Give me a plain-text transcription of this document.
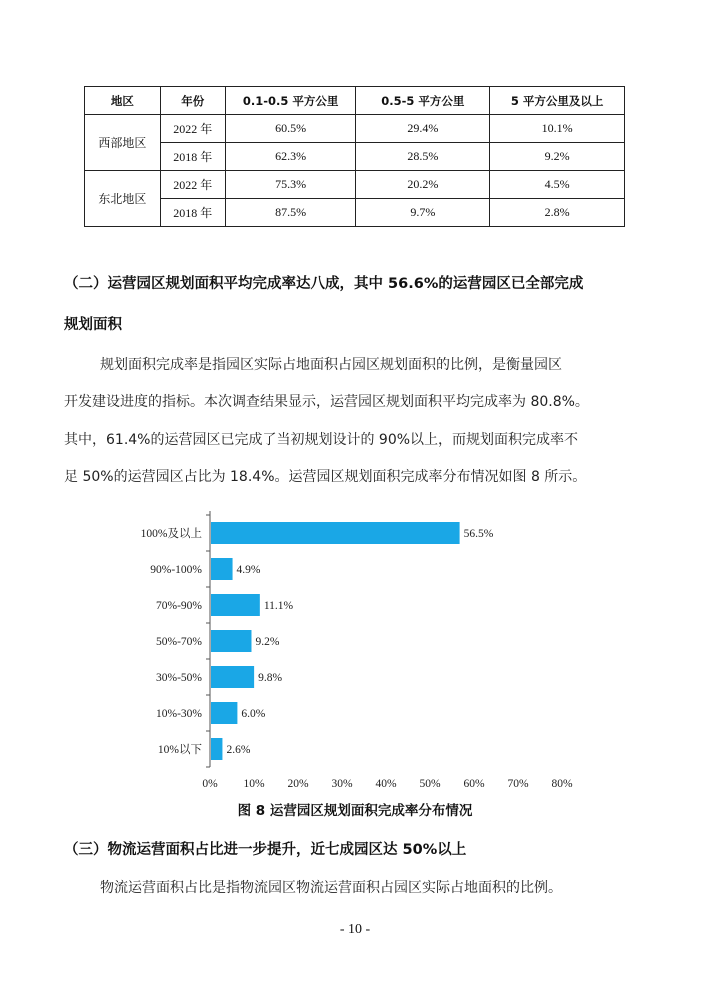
地区	年份	0.1-0.5 平方公里	0.5-5 平方公里	5 平方公里及以上
西部地区	2022 年	60.5%	29.4%	10.1%
	2018 年	62.3%	28.5%	9.2%
东北地区	2022 年	75.3%	20.2%	4.5%
	2018 年	87.5%	9.7%	2.8%
（二）运营园区规划面积平均完成率达八成，其中 56.6%的运营园区已全部完成
规划面积
规划面积完成率是指园区实际占地面积占园区规划面积的比例，是衡量园区
开发建设进度的指标。本次调查结果显示，运营园区规划面积平均完成率为 80.8%。
其中，61.4%的运营园区已完成了当初规划设计的 90%以上，而规划面积完成率不
足 50%的运营园区占比为 18.4%。运营园区规划面积完成率分布情况如图 8 所示。
100%及以上	56.5%
90%-100%	4.9%
70%-90%	11.1%
50%-70%	9.2%
30%-50%	9.8%
10%-30%	6.0%
10%以下 2.6%
0% 10% 20% 30% 40% 50% 60% 70% 80%
图 8 运营园区规划面积完成率分布情况
（三）物流运营面积占比进一步提升，近七成园区达 50%以上
物流运营面积占比是指物流园区物流运营面积占园区实际占地面积的比例。
- 10 -
